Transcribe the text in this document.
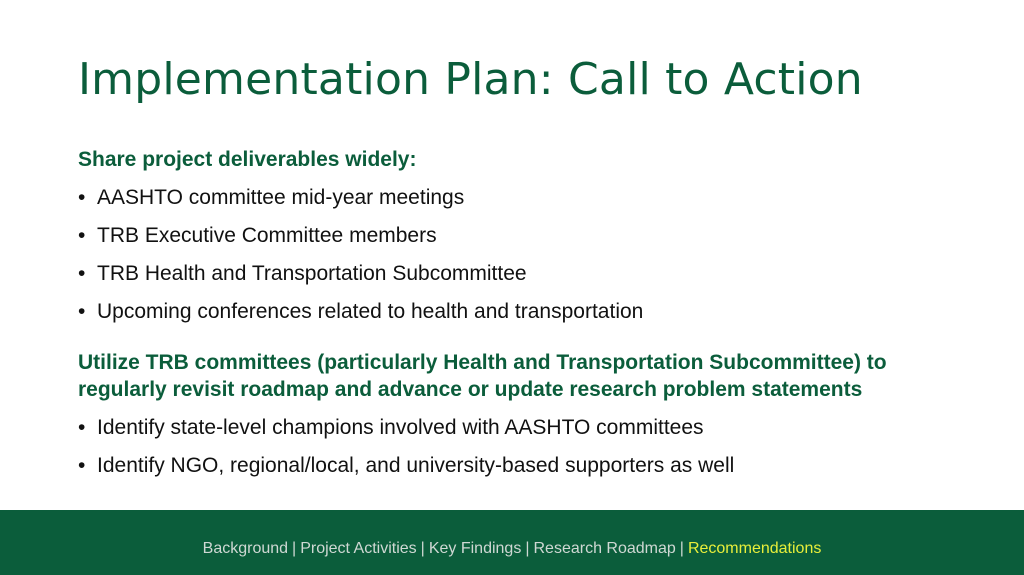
Implementation Plan: Call to Action
Share project deliverables widely:
• AASHTO committee mid-year meetings
• TRB Executive Committee members
• TRB Health and Transportation Subcommittee
• Upcoming conferences related to health and transportation
Utilize TRB committees (particularly Health and Transportation Subcommittee) to regularly revisit roadmap and advance or update research problem statements
• Identify state-level champions involved with AASHTO committees
• Identify NGO, regional/local, and university-based supporters as well
Background | Project Activities | Key Findings | Research Roadmap | Recommendations
